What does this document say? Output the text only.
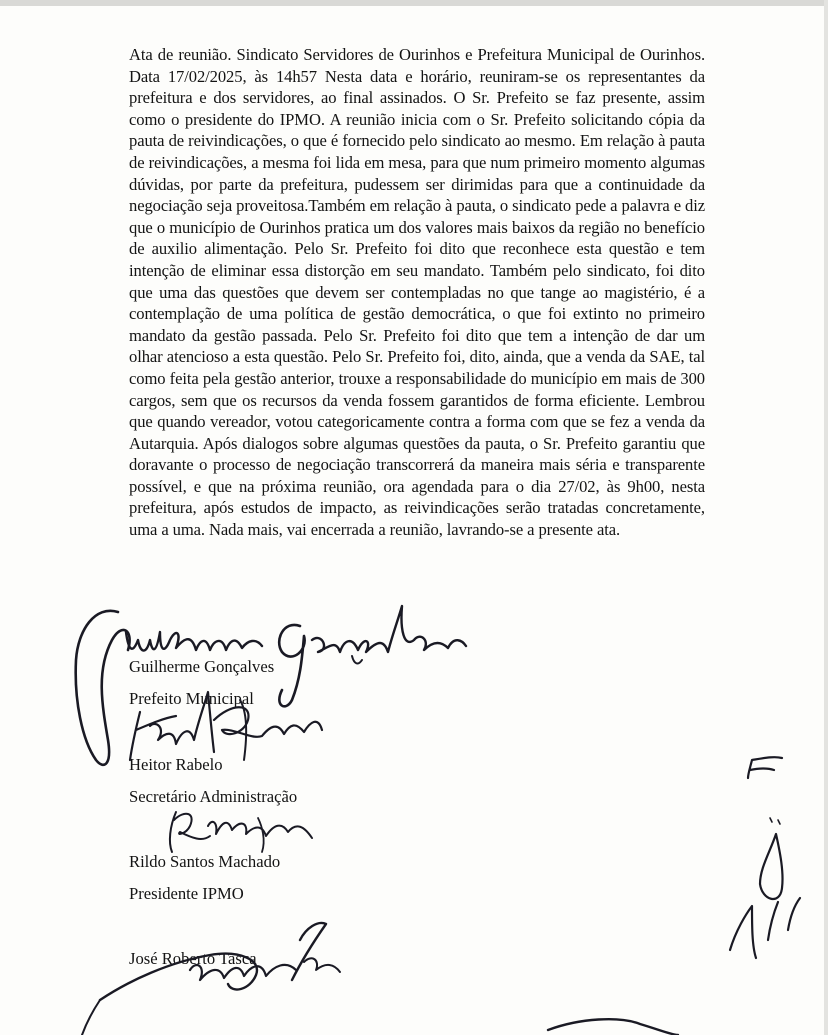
Ata de reunião. Sindicato Servidores de Ourinhos e Prefeitura Municipal de Ourinhos. Data 17/02/2025, às 14h57 Nesta data e horário, reuniram-se os representantes da prefeitura e dos servidores, ao final assinados. O Sr. Prefeito se faz presente, assim como o presidente do IPMO. A reunião inicia com o Sr. Prefeito solicitando cópia da pauta de reivindicações, o que é fornecido pelo sindicato ao mesmo. Em relação à pauta de reivindicações, a mesma foi lida em mesa, para que num primeiro momento algumas dúvidas, por parte da prefeitura, pudessem ser dirimidas para que a continuidade da negociação seja proveitosa.Também em relação à pauta, o sindicato pede a palavra e diz que o município de Ourinhos pratica um dos valores mais baixos da região no benefício de auxilio alimentação. Pelo Sr. Prefeito foi dito que reconhece esta questão e tem intenção de eliminar essa distorção em seu mandato. Também pelo sindicato, foi dito que uma das questões que devem ser contempladas no que tange ao magistério, é a contemplação de uma política de gestão democrática, o que foi extinto no primeiro mandato da gestão passada. Pelo Sr. Prefeito foi dito que tem a intenção de dar um olhar atencioso a esta questão. Pelo Sr. Prefeito foi, dito, ainda, que a venda da SAE, tal como feita pela gestão anterior, trouxe a responsabilidade do município em mais de 300 cargos, sem que os recursos da venda fossem garantidos de forma eficiente. Lembrou que quando vereador, votou categoricamente contra a forma com que se fez a venda da Autarquia. Após dialogos sobre algumas questões da pauta, o Sr. Prefeito garantiu que doravante o processo de negociação transcorrerá da maneira mais séria e transparente possível, e que na próxima reunião, ora agendada para o dia 27/02, às 9h00, nesta prefeitura, após estudos de impacto, as reivindicações serão tratadas concretamente, uma a uma. Nada mais, vai encerrada a reunião, lavrando-se a presente ata.

Guilherme Gonçalves
Prefeito Municipal
Heitor Rabelo
Secretário Administração
Rildo Santos Machado
Presidente IPMO
José Roberto Tasca
